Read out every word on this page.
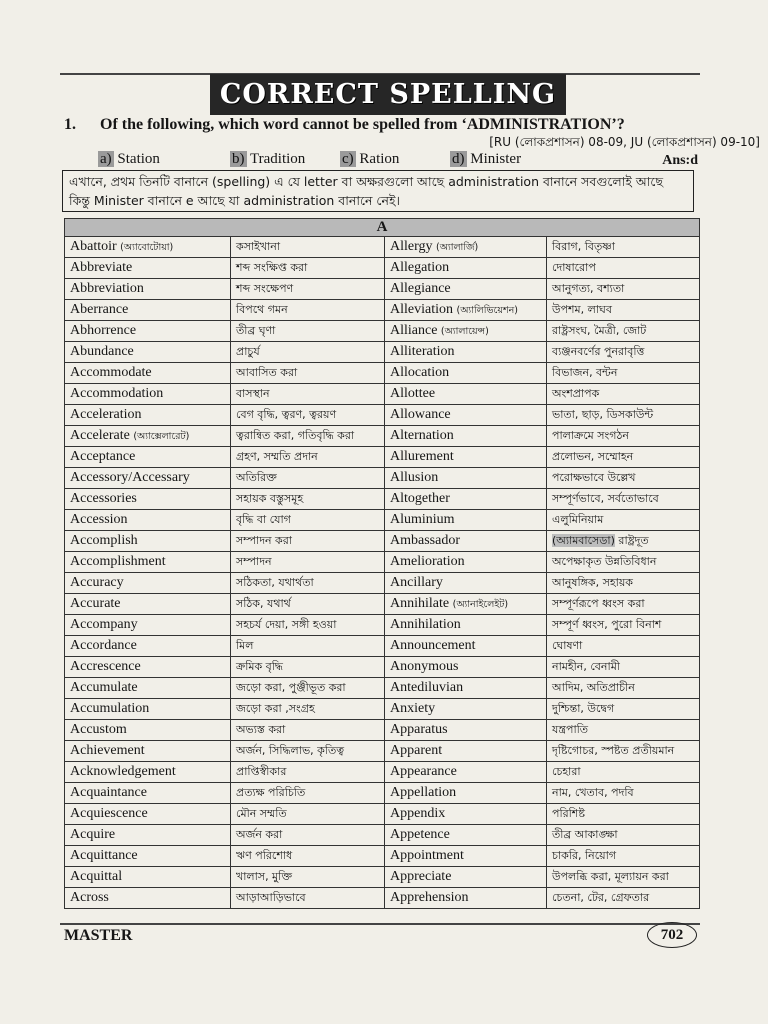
CORRECT SPELLING
1. Of the following, which word cannot be spelled from ‘ADMINISTRATION’?
[RU (লোকপ্রশাসন) 08-09, JU (লোকপ্রশাসন) 09-10]
a) Station	b) Tradition c) Ration	d) Minister	Ans:d
এখানে, প্রথম তিনটি বানানে (spelling) এ যে letter বা অক্ষরগুলো আছে administration বানানে সবগুলোই আছে
কিন্তু Minister বানানে e আছে যা administration বানানে নেই।
A			
Abattoir (অ্যাবোটোয়া)	কসাইখানা	Allergy (অ্যালার্জি)	বিরাগ, বিতৃষ্ণা
Abbreviate	শব্দ সংক্ষিপ্ত করা	Allegation	দোষারোপ
Abbreviation	শব্দ সংক্ষেপণ	Allegiance	আনুগত্য, বশ্যতা
Aberrance	বিপথে গমন	Alleviation (অ্যালিভিয়েশন)	উপশম, লাঘব
Abhorrence	তীব্র ঘৃণা	Alliance (অ্যালায়েন্স)	রাষ্ট্রসংঘ, মৈত্রী, জোট
Abundance	প্রাচুর্য	Alliteration	ব্যঞ্জনবর্ণের পুনরাবৃত্তি
Accommodate	আবাসিত করা	Allocation	বিভাজন, বন্টন
Accommodation	বাসস্থান	Allottee	অংশপ্রাপক
Acceleration	বেগ বৃদ্ধি, ত্বরণ, ত্বরয়ণ	Allowance	ভাতা, ছাড়, ডিসকাউন্ট
Accelerate (অ্যাক্সেলারেট)	ত্বরান্বিত করা, গতিবৃদ্ধি করা	Alternation	পালাক্রমে সংগঠন
Acceptance	গ্রহণ, সম্মতি প্রদান	Allurement	প্রলোভন, সম্মোহন
Accessory/Accessary	অতিরিক্ত	Allusion	পরোক্ষভাবে উল্লেখ
Accessories	সহায়ক বস্তুসমূহ	Altogether	সম্পূর্ণভাবে, সর্বতোভাবে
Accession	বৃদ্ধি বা যোগ	Aluminium	এলুমিনিয়াম
Accomplish	সম্পাদন করা	Ambassador	(অ্যামবাসেডা) রাষ্ট্রদূত
Accomplishment	সম্পাদন	Amelioration	অপেক্ষাকৃত উন্নতিবিধান
Accuracy	সঠিকতা, যথার্থতা	Ancillary	আনুষঙ্গিক, সহায়ক
Accurate	সঠিক, যথার্থ	Annihilate (অ্যানাইলেইট)	সম্পূর্ণরূপে ধ্বংস করা
Accompany	সহচর্য দেয়া, সঙ্গী হওয়া	Annihilation	সম্পূর্ণ ধ্বংস, পুরো বিনাশ
Accordance	মিল	Announcement	ঘোষণা
Accrescence	ক্রমিক বৃদ্ধি	Anonymous	নামহীন, বেনামী
Accumulate	জড়ো করা, পুঞ্জীভূত করা	Antediluvian	আদিম, অতিপ্রাচীন
Accumulation	জড়ো করা ,সংগ্রহ	Anxiety	দুশ্চিন্তা, উদ্বেগ
Accustom	অভ্যস্ত করা	Apparatus	যন্ত্রপাতি
Achievement	অর্জন, সিদ্ধিলাভ, কৃতিত্ব	Apparent	দৃষ্টিগোচর, স্পষ্টত প্রতীয়মান
Acknowledgement	প্রাপ্তিস্বীকার	Appearance	চেহারা
Acquaintance	প্রত্যক্ষ পরিচিতি	Appellation	নাম, খেতাব, পদবি
Acquiescence	মৌন সম্মতি	Appendix	পরিশিষ্ট
Acquire	অর্জন করা	Appetence	তীব্র আকাঙ্ক্ষা
Acquittance	ঋণ পরিশোধ	Appointment	চাকরি, নিয়োগ
Acquittal	খালাস, মুক্তি	Appreciate	উপলব্ধি করা, মূল্যায়ন করা
Across	আড়াআড়িভাবে	Apprehension	চেতনা, টের, গ্রেফতার
MASTER	702
